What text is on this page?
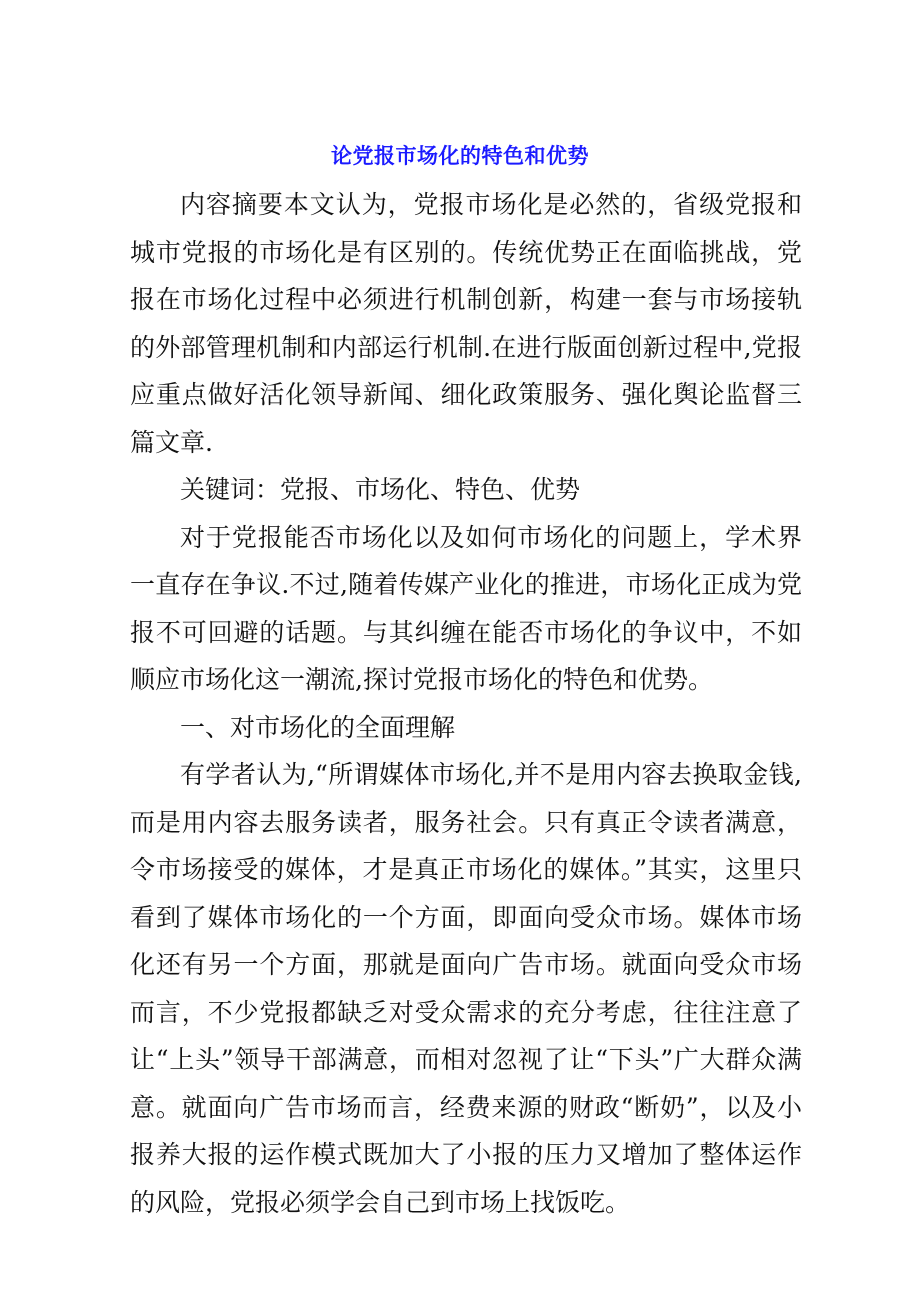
论党报市场化的特色和优势

内容摘要本文认为，党报市场化是必然的，省级党报和城市党报的市场化是有区别的。传统优势正在面临挑战，党报在市场化过程中必须进行机制创新，构建一套与市场接轨的外部管理机制和内部运行机制.在进行版面创新过程中,党报应重点做好活化领导新闻、细化政策服务、强化舆论监督三篇文章.

关键词：党报、市场化、特色、优势

对于党报能否市场化以及如何市场化的问题上，学术界一直存在争议.不过,随着传媒产业化的推进，市场化正成为党报不可回避的话题。与其纠缠在能否市场化的争议中，不如顺应市场化这一潮流,探讨党报市场化的特色和优势。

一、对市场化的全面理解

有学者认为,“所谓媒体市场化,并不是用内容去换取金钱,而是用内容去服务读者，服务社会。只有真正令读者满意，令市场接受的媒体，才是真正市场化的媒体。”其实，这里只看到了媒体市场化的一个方面，即面向受众市场。媒体市场化还有另一个方面，那就是面向广告市场。就面向受众市场而言，不少党报都缺乏对受众需求的充分考虑，往往注意了让“上头”领导干部满意，而相对忽视了让“下头”广大群众满意。就面向广告市场而言，经费来源的财政“断奶”，以及小报养大报的运作模式既加大了小报的压力又增加了整体运作的风险，党报必须学会自己到市场上找饭吃。
